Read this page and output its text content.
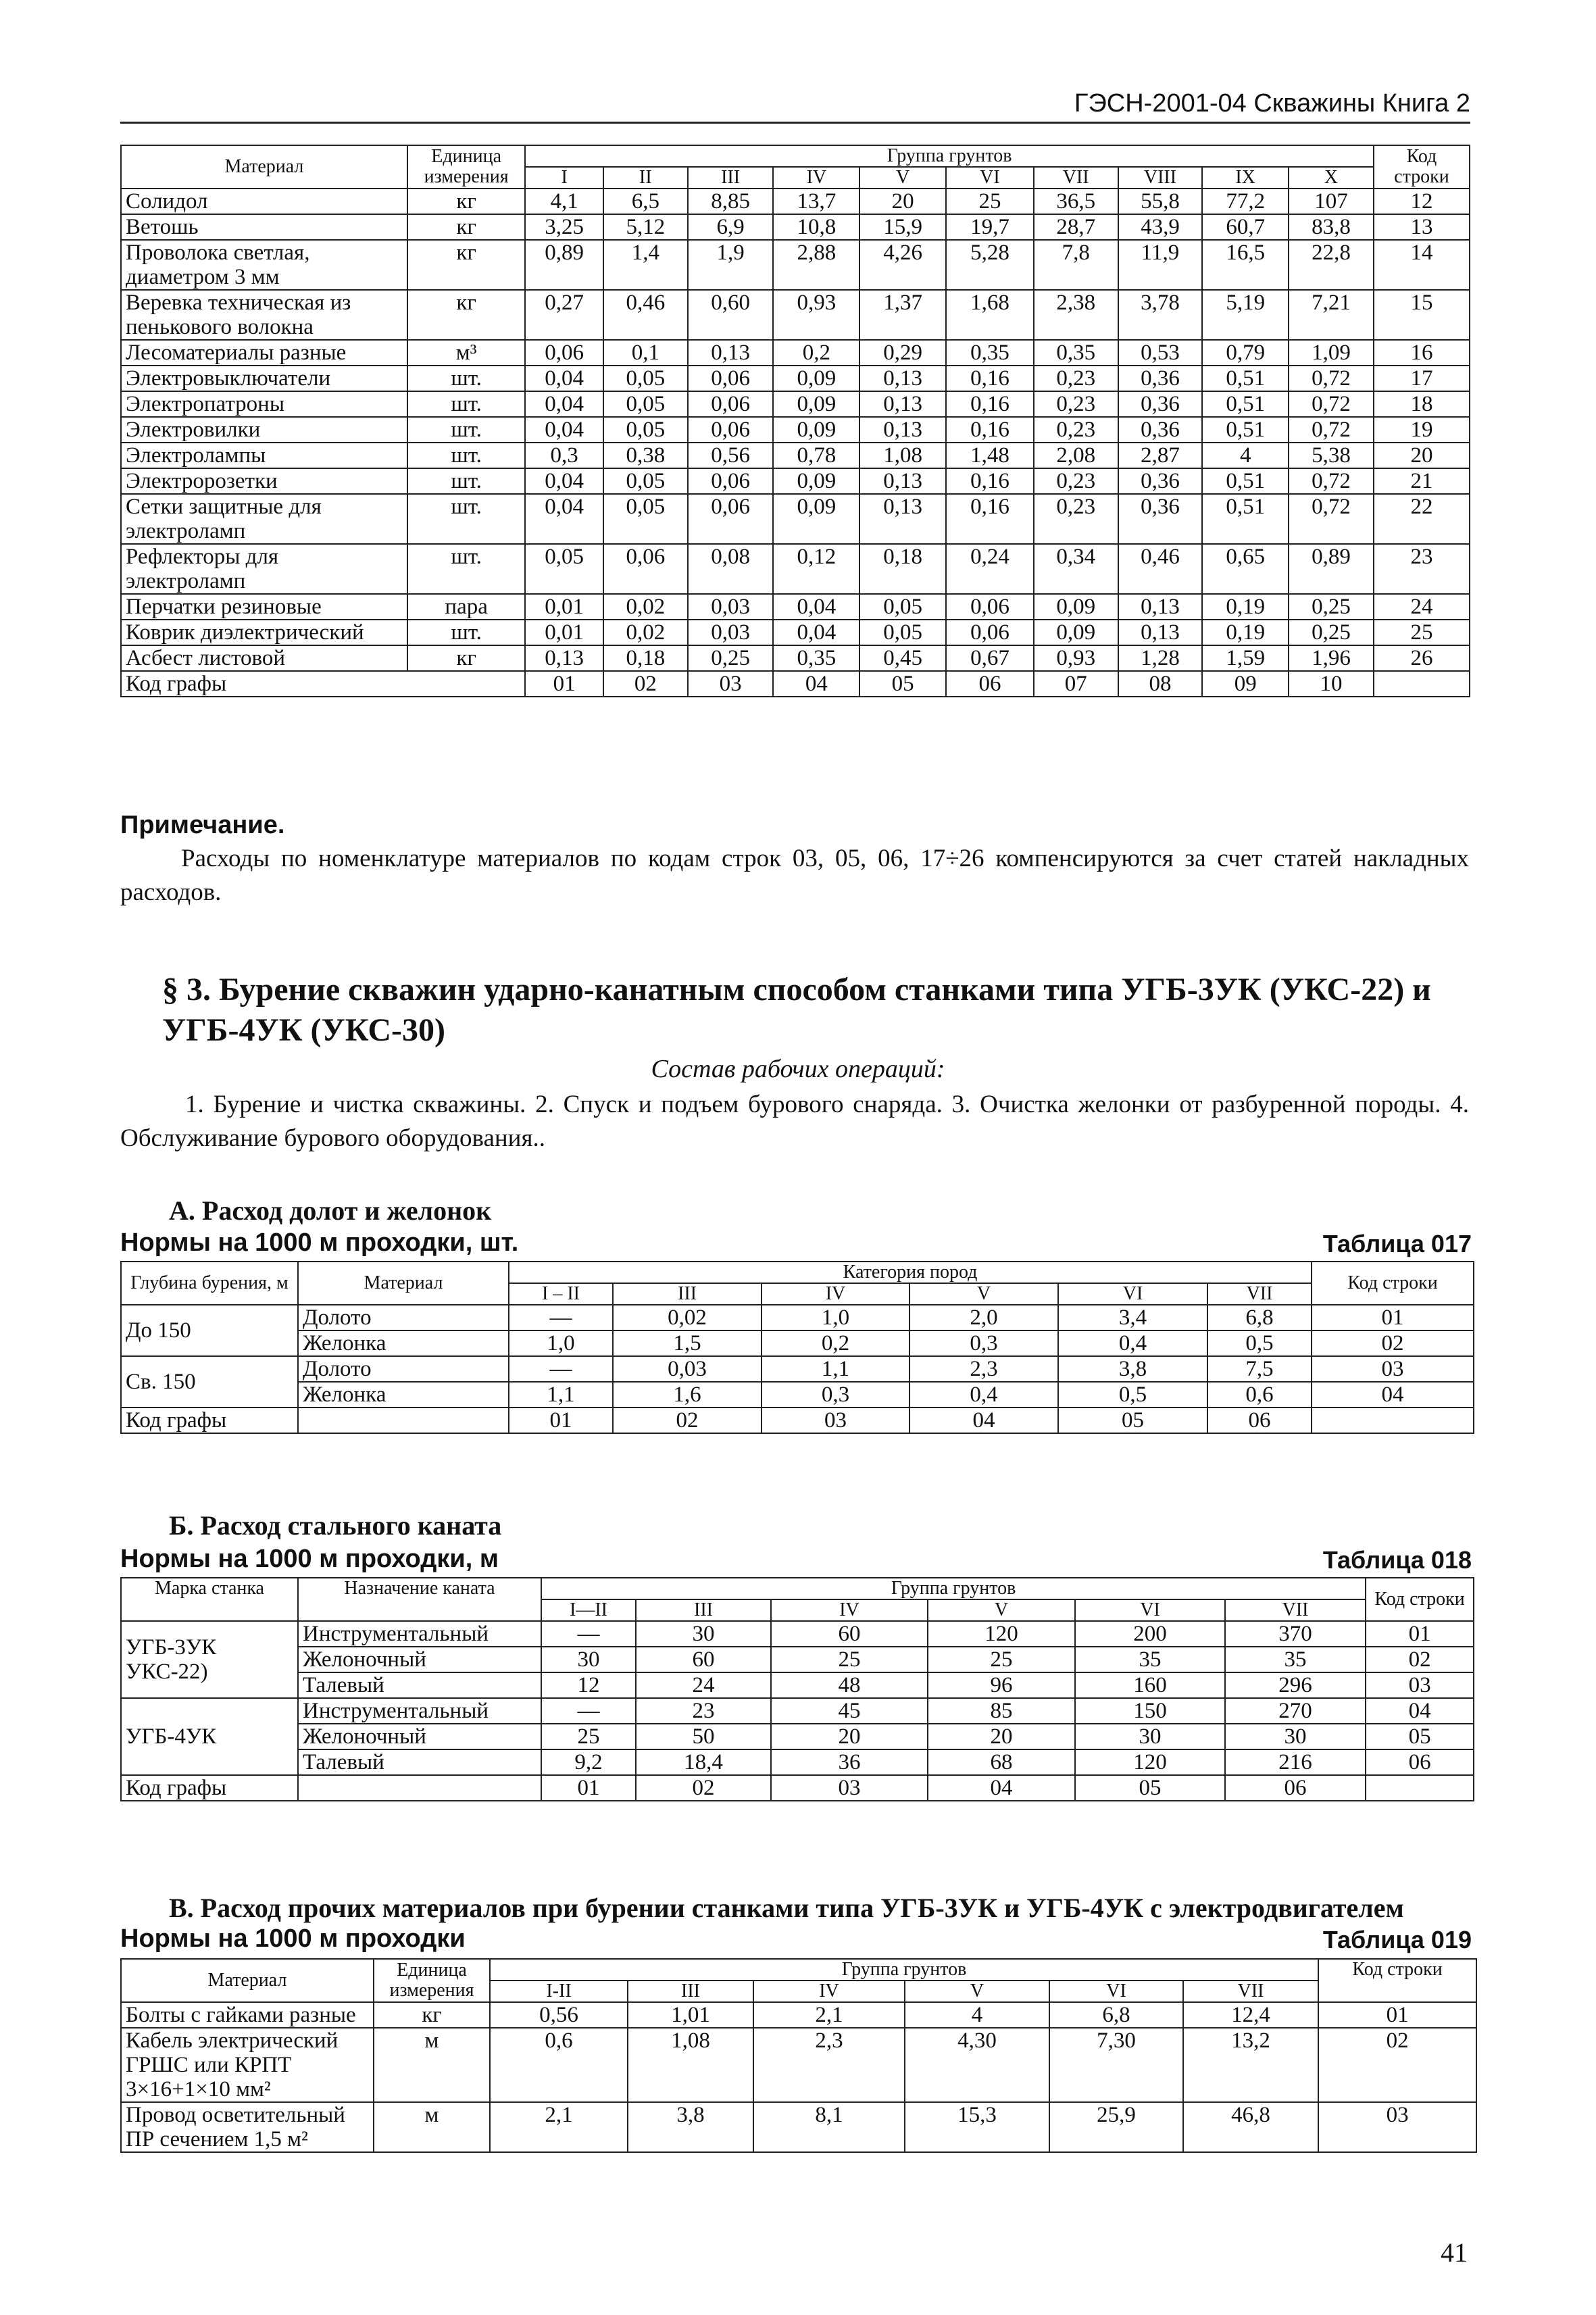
ГЭСН-2001-04 Скважины Книга 2
Материал	Единица измерения	Группа грунтов										Код строки
		I	II	III	IV	V	VI	VII	VIII	IX	X	
Солидол	кг	4,1	6,5	8,85	13,7	20	25	36,5	55,8	77,2	107	12
Ветошь	кг	3,25	5,12	6,9	10,8	15,9	19,7	28,7	43,9	60,7	83,8	13
Проволока светлая, диаметром 3 мм	кг	0,89	1,4	1,9	2,88	4,26	5,28	7,8	11,9	16,5	22,8	14
Веревка техническая из пенькового волокна	кг	0,27	0,46	0,60	0,93	1,37	1,68	2,38	3,78	5,19	7,21	15
Лесоматериалы разные	м³	0,06	0,1	0,13	0,2	0,29	0,35	0,35	0,53	0,79	1,09	16
Электровыключатели	шт.	0,04	0,05	0,06	0,09	0,13	0,16	0,23	0,36	0,51	0,72	17
Электропатроны	шт.	0,04	0,05	0,06	0,09	0,13	0,16	0,23	0,36	0,51	0,72	18
Электровилки	шт.	0,04	0,05	0,06	0,09	0,13	0,16	0,23	0,36	0,51	0,72	19
Электролампы	шт.	0,3	0,38	0,56	0,78	1,08	1,48	2,08	2,87	4	5,38	20
Электророзетки	шт.	0,04	0,05	0,06	0,09	0,13	0,16	0,23	0,36	0,51	0,72	21
Сетки защитные для электроламп	шт.	0,04	0,05	0,06	0,09	0,13	0,16	0,23	0,36	0,51	0,72	22
Рефлекторы для электроламп	шт.	0,05	0,06	0,08	0,12	0,18	0,24	0,34	0,46	0,65	0,89	23
Перчатки резиновые	пара	0,01	0,02	0,03	0,04	0,05	0,06	0,09	0,13	0,19	0,25	24
Коврик диэлектрический	шт.	0,01	0,02	0,03	0,04	0,05	0,06	0,09	0,13	0,19	0,25	25
Асбест листовой	кг	0,13	0,18	0,25	0,35	0,45	0,67	0,93	1,28	1,59	1,96	26
Код графы		01	02	03	04	05	06	07	08	09	10	
Примечание.
Расходы по номенклатуре материалов по кодам строк 03, 05, 06, 17÷26 компенсируются за счет статей накладных расходов.
§ 3. Бурение скважин ударно-канатным способом станками типа УГБ-3УК (УКС-22) и УГБ-4УК (УКС-30)
Состав рабочих операций:
1. Бурение и чистка скважины. 2. Спуск и подъем бурового снаряда. 3. Очистка желонки от разбуренной породы. 4. Обслуживание бурового оборудования..
А. Расход долот и желонок
Нормы на 1000 м проходки, шт.	Таблица 017
Глубина бурения, м	Материал	Категория пород						Код строки
		I – II	III	IV	V	VI	VII	
До 150	Долото	—	0,02	1,0	2,0	3,4	6,8	01
	Желонка	1,0	1,5	0,2	0,3	0,4	0,5	02
Св. 150	Долото	—	0,03	1,1	2,3	3,8	7,5	03
	Желонка	1,1	1,6	0,3	0,4	0,5	0,6	04
Код графы		01	02	03	04	05	06	
Б. Расход стального каната
Нормы на 1000 м проходки, м	Таблица 018
Марка станка	Назначение каната	Группа грунтов						Код строки
		I—II	III	IV	V	VI	VII	
УГБ-3УК УКС-22)	Инструментальный	—	30	60	120	200	370	01
	Желоночный	30	60	25	25	35	35	02
	Талевый	12	24	48	96	160	296	03
УГБ-4УК	Инструментальный	—	23	45	85	150	270	04
	Желоночный	25	50	20	20	30	30	05
	Талевый	9,2	18,4	36	68	120	216	06
Код графы		01	02	03	04	05	06	
В. Расход прочих материалов при бурении станками типа УГБ-3УК и УГБ-4УК с электродвигателем
Нормы на 1000 м проходки	Таблица 019
Материал	Единица измерения	Группа грунтов						Код строки
		I-II	III	IV	V	VI	VII	
Болты с гайками разные	кг	0,56	1,01	2,1	4	6,8	12,4	01
Кабель электрический ГРШС или КРПТ 3×16+1×10 мм²	м	0,6	1,08	2,3	4,30	7,30	13,2	02
Провод осветительный ПР сечением 1,5 м²	м	2,1	3,8	8,1	15,3	25,9	46,8	03
41
